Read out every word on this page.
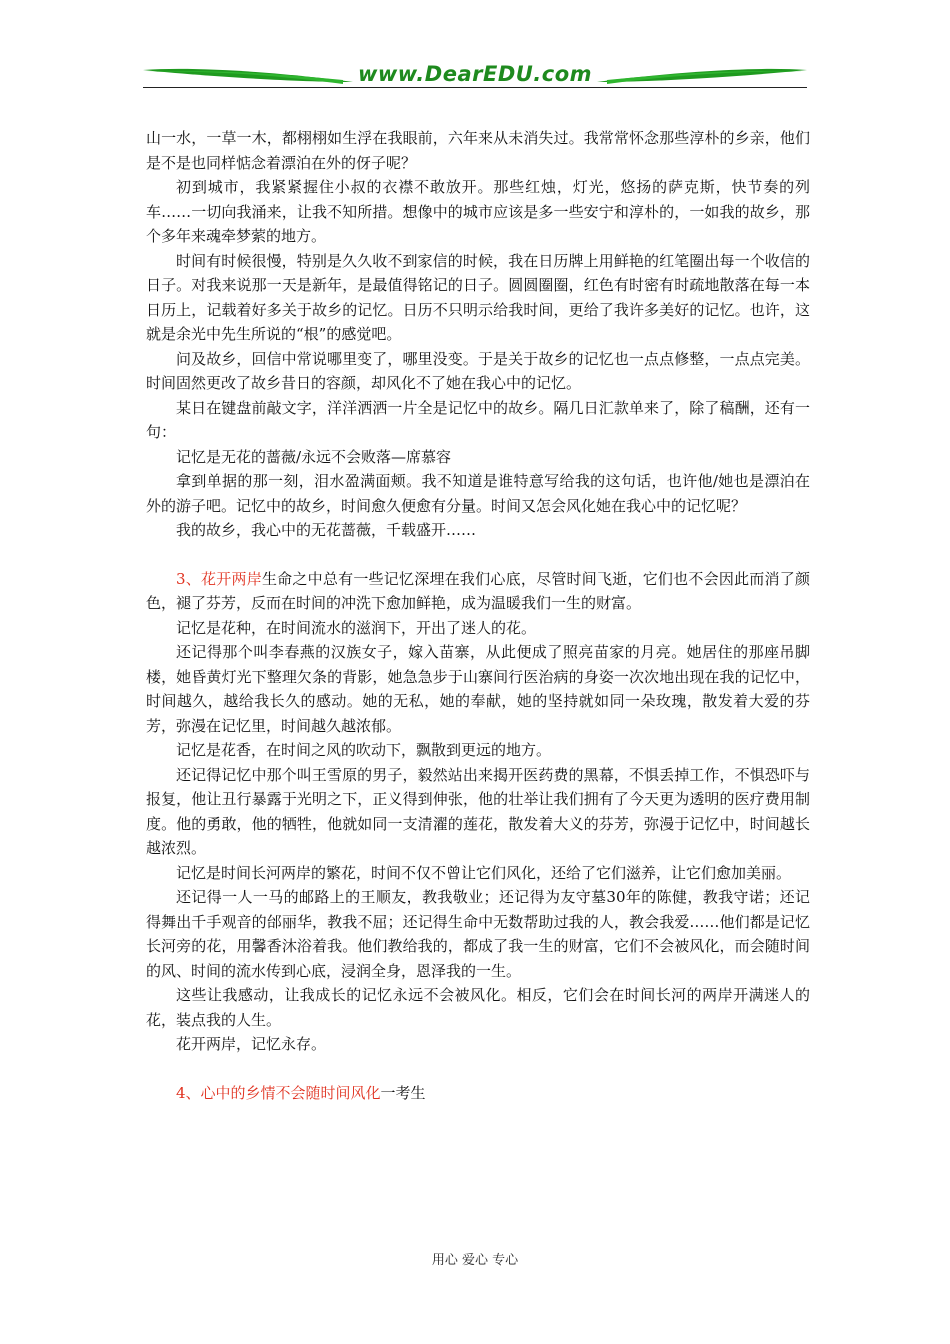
www.DearEDU.com

山一水，一草一木，都栩栩如生浮在我眼前，六年来从未消失过。我常常怀念那些淳朴的乡亲，他们是不是也同样惦念着漂泊在外的伢子呢？

初到城市，我紧紧握住小叔的衣襟不敢放开。那些红烛，灯光，悠扬的萨克斯，快节奏的列车……一切向我涌来，让我不知所措。想像中的城市应该是多一些安宁和淳朴的，一如我的故乡，那个多年来魂牵梦萦的地方。

时间有时候很慢，特别是久久收不到家信的时候，我在日历牌上用鲜艳的红笔圈出每一个收信的日子。对我来说那一天是新年，是最值得铭记的日子。圆圆圈圈，红色有时密有时疏地散落在每一本日历上，记载着好多关于故乡的记忆。日历不只明示给我时间，更给了我许多美好的记忆。也许，这就是余光中先生所说的“根”的感觉吧。

问及故乡，回信中常说哪里变了，哪里没变。于是关于故乡的记忆也一点点修整，一点点完美。时间固然更改了故乡昔日的容颜，却风化不了她在我心中的记忆。

某日在键盘前敲文字，洋洋洒洒一片全是记忆中的故乡。隔几日汇款单来了，除了稿酬，还有一句：

记忆是无花的蔷薇/永远不会败落—席慕容

拿到单据的那一刻，泪水盈满面颊。我不知道是谁特意写给我的这句话，也许他/她也是漂泊在外的游子吧。记忆中的故乡，时间愈久便愈有分量。时间又怎会风化她在我心中的记忆呢？

我的故乡，我心中的无花蔷薇，千载盛开……

3、花开两岸生命之中总有一些记忆深埋在我们心底，尽管时间飞逝，它们也不会因此而消了颜色，褪了芬芳，反而在时间的冲洗下愈加鲜艳，成为温暖我们一生的财富。

记忆是花种，在时间流水的滋润下，开出了迷人的花。

还记得那个叫李春燕的汉族女子，嫁入苗寨，从此便成了照亮苗家的月亮。她居住的那座吊脚楼，她昏黄灯光下整理欠条的背影，她急急步于山寨间行医治病的身姿一次次地出现在我的记忆中，时间越久，越给我长久的感动。她的无私，她的奉献，她的坚持就如同一朵玫瑰，散发着大爱的芬芳，弥漫在记忆里，时间越久越浓郁。

记忆是花香，在时间之风的吹动下，飘散到更远的地方。

还记得记忆中那个叫王雪原的男子，毅然站出来揭开医药费的黑幕，不惧丢掉工作，不惧恐吓与报复，他让丑行暴露于光明之下，正义得到伸张，他的壮举让我们拥有了今天更为透明的医疗费用制度。他的勇敢，他的牺牲，他就如同一支清濯的莲花，散发着大义的芬芳，弥漫于记忆中，时间越长越浓烈。

记忆是时间长河两岸的繁花，时间不仅不曾让它们风化，还给了它们滋养，让它们愈加美丽。

还记得一人一马的邮路上的王顺友，教我敬业；还记得为友守墓30年的陈健，教我守诺；还记得舞出千手观音的邰丽华，教我不屈；还记得生命中无数帮助过我的人，教会我爱……他们都是记忆长河旁的花，用馨香沐浴着我。他们教给我的，都成了我一生的财富，它们不会被风化，而会随时间的风、时间的流水传到心底，浸润全身，恩泽我的一生。

这些让我感动，让我成长的记忆永远不会被风化。相反，它们会在时间长河的两岸开满迷人的花，装点我的人生。

花开两岸，记忆永存。

4、心中的乡情不会随时间风化一考生

用心 爱心 专心
